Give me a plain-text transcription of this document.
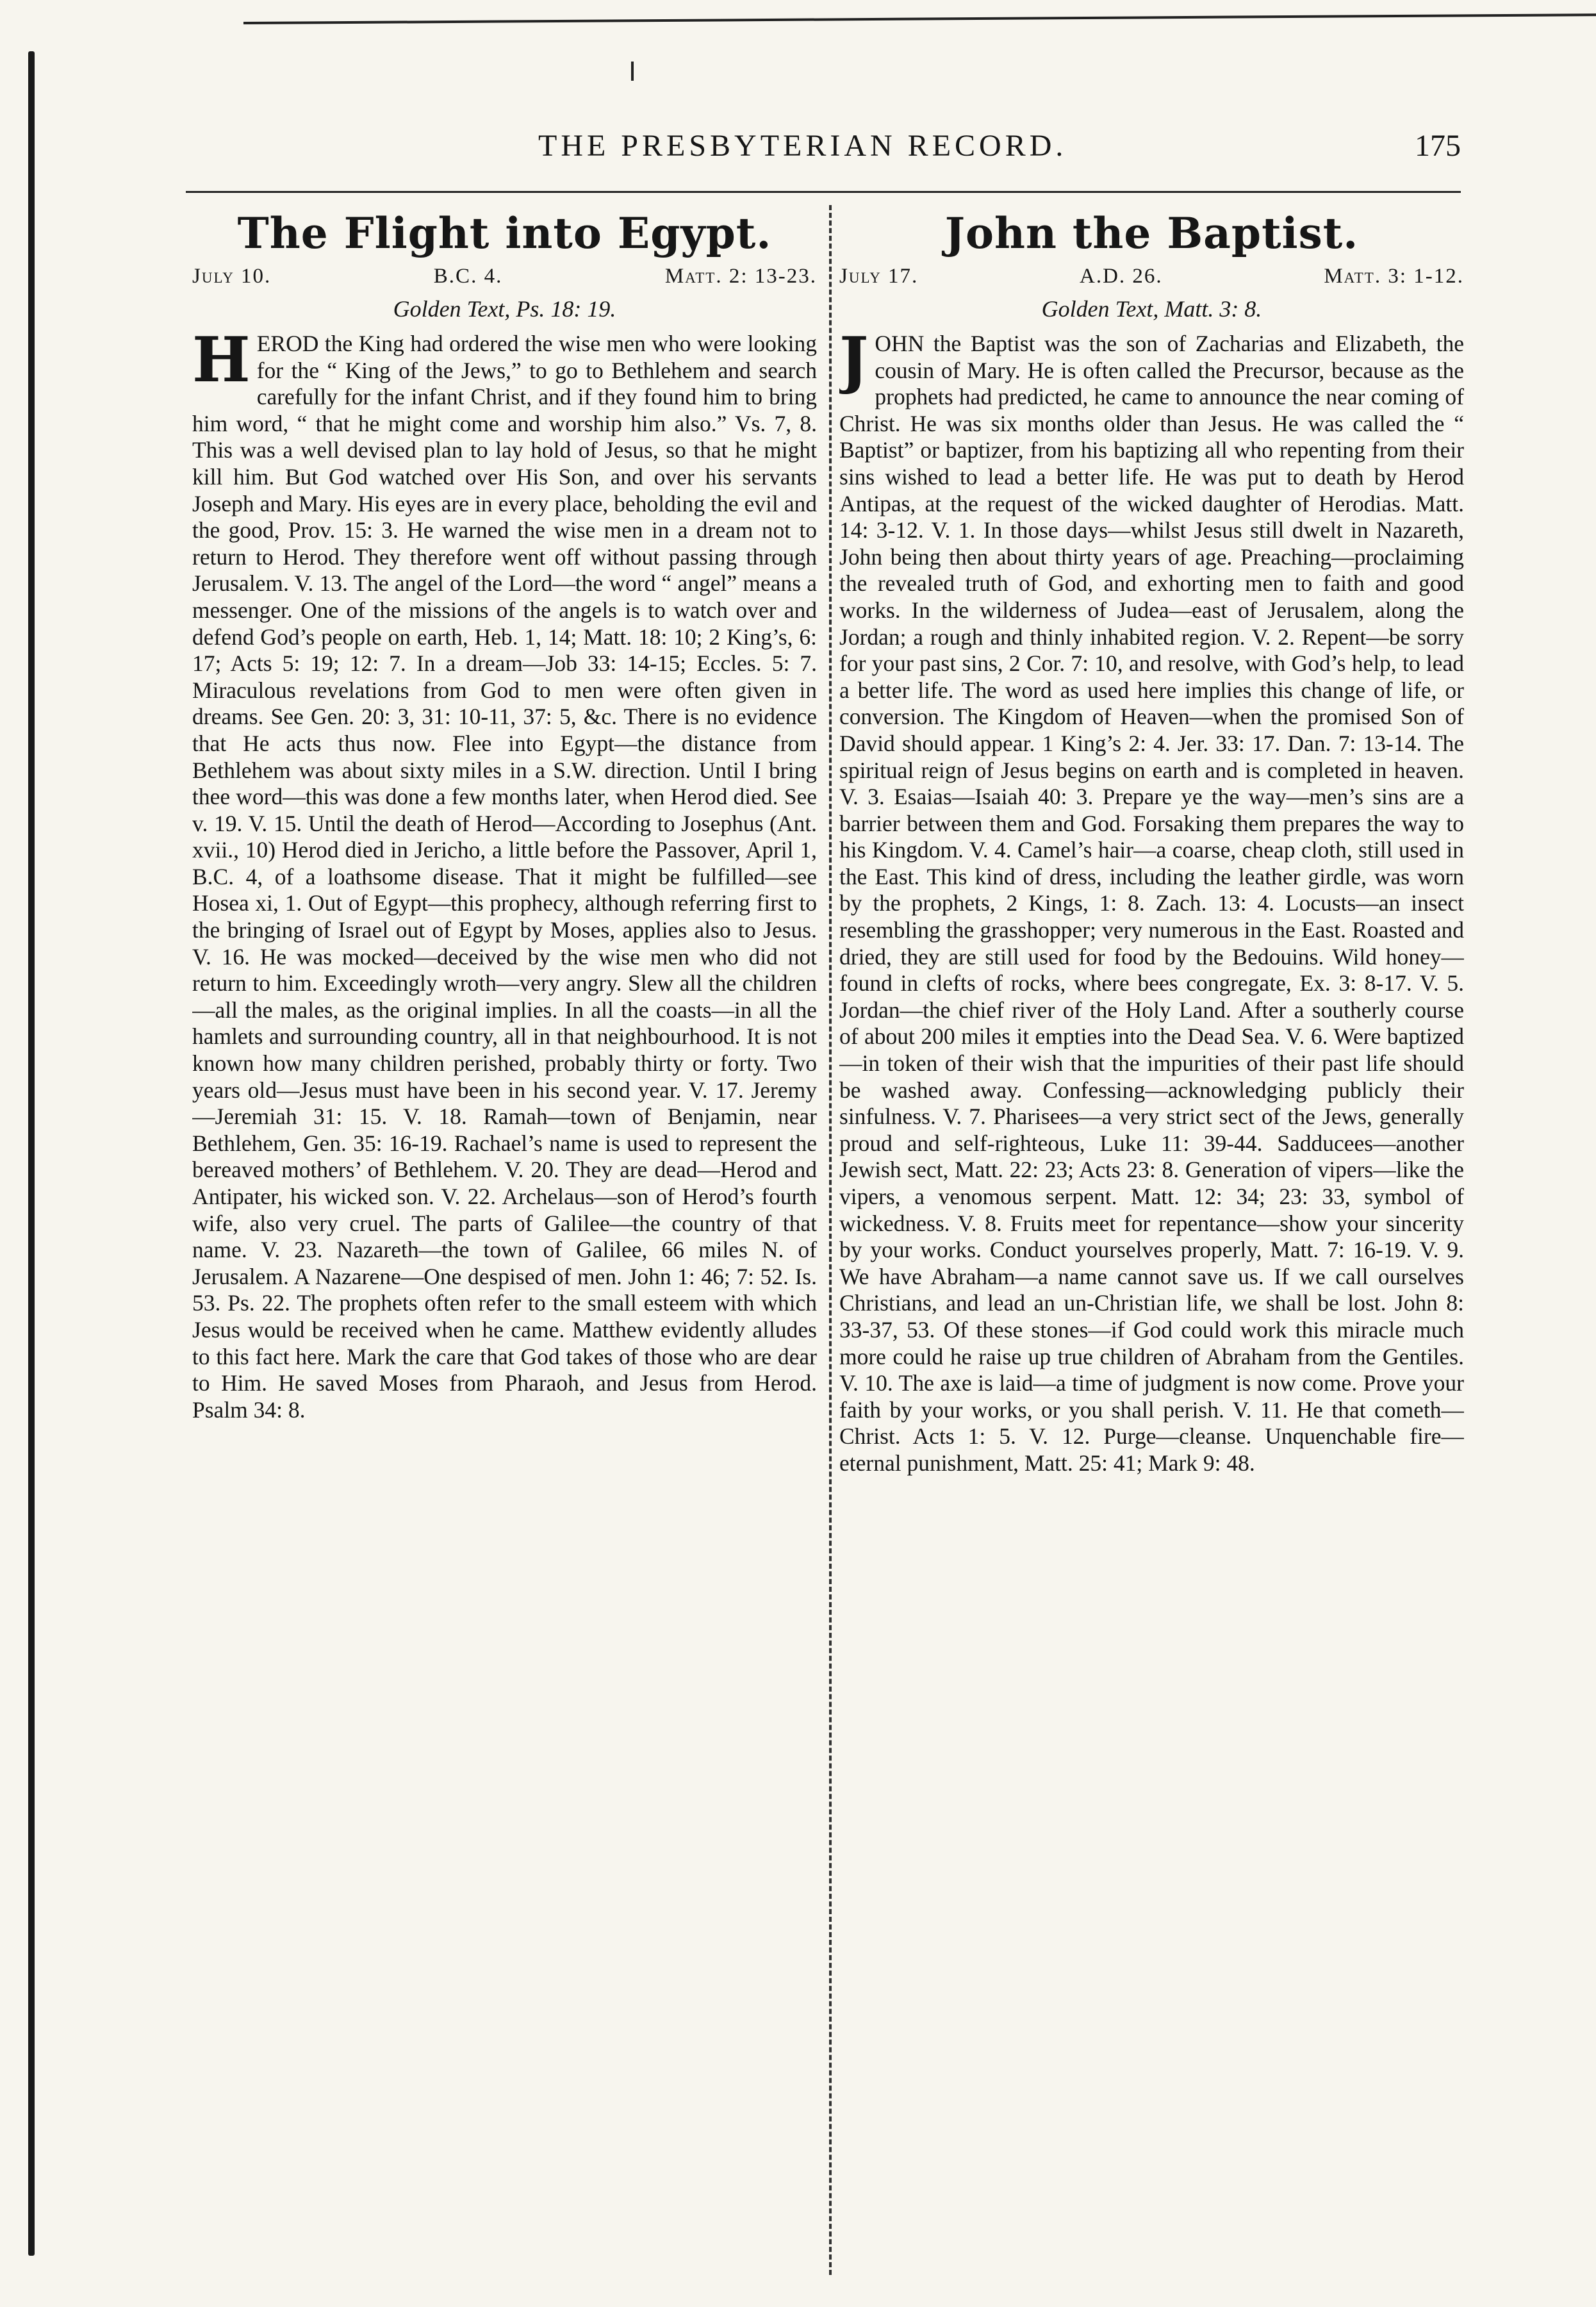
THE PRESBYTERIAN RECORD.	175
The Flight into Egypt.
July 10.	B.C. 4.	Matt. 2: 13-23.
Golden Text, Ps. 18: 19.
HEROD the King had ordered the wise men who were looking for the “ King of the Jews,” to go to Bethlehem and search carefully for the infant Christ, and if they found him to bring him word, “ that he might come and worship him also.” Vs. 7, 8. This was a well devised plan to lay hold of Jesus, so that he might kill him. But God watched over His Son, and over his servants Joseph and Mary. His eyes are in every place, beholding the evil and the good, Prov. 15: 3. He warned the wise men in a dream not to return to Herod. They therefore went off without passing through Jerusalem. V. 13. The angel of the Lord—the word “ angel” means a messenger. One of the missions of the angels is to watch over and defend God’s people on earth, Heb. 1, 14; Matt. 18: 10; 2 King’s, 6: 17; Acts 5: 19; 12: 7. In a dream—Job 33: 14-15; Eccles. 5: 7. Miraculous revelations from God to men were often given in dreams. See Gen. 20: 3, 31: 10-11, 37: 5, &c. There is no evidence that He acts thus now. Flee into Egypt—the distance from Bethlehem was about sixty miles in a S.W. direction. Until I bring thee word—this was done a few months later, when Herod died. See v. 19. V. 15. Until the death of Herod—According to Josephus (Ant. xvii., 10) Herod died in Jericho, a little before the Passover, April 1, B.C. 4, of a loathsome disease. That it might be fulfilled—see Hosea xi, 1. Out of Egypt—this prophecy, although referring first to the bringing of Israel out of Egypt by Moses, applies also to Jesus. V. 16. He was mocked—deceived by the wise men who did not return to him. Exceedingly wroth—very angry. Slew all the children—all the males, as the original implies. In all the coasts—in all the hamlets and surrounding country, all in that neighbourhood. It is not known how many children perished, probably thirty or forty. Two years old—Jesus must have been in his second year. V. 17. Jeremy—Jeremiah 31: 15. V. 18. Ramah—town of Benjamin, near Bethlehem, Gen. 35: 16-19. Rachael’s name is used to represent the bereaved mothers’ of Bethlehem. V. 20. They are dead—Herod and Antipater, his wicked son. V. 22. Archelaus—son of Herod’s fourth wife, also very cruel. The parts of Galilee—the country of that name. V. 23. Nazareth—the town of Galilee, 66 miles N. of Jerusalem. A Nazarene—One despised of men. John 1: 46; 7: 52. Is. 53. Ps. 22. The prophets often refer to the small esteem with which Jesus would be received when he came. Matthew evidently alludes to this fact here. Mark the care that God takes of those who are dear to Him. He saved Moses from Pharaoh, and Jesus from Herod. Psalm 34: 8.
John the Baptist.
July 17.	A.D. 26.	Matt. 3: 1-12.
Golden Text, Matt. 3: 8.
JOHN the Baptist was the son of Zacharias and Elizabeth, the cousin of Mary. He is often called the Precursor, because as the prophets had predicted, he came to announce the near coming of Christ. He was six months older than Jesus. He was called the “ Baptist” or baptizer, from his baptizing all who repenting from their sins wished to lead a better life. He was put to death by Herod Antipas, at the request of the wicked daughter of Herodias. Matt. 14: 3-12. V. 1. In those days—whilst Jesus still dwelt in Nazareth, John being then about thirty years of age. Preaching—proclaiming the revealed truth of God, and exhorting men to faith and good works. In the wilderness of Judea—east of Jerusalem, along the Jordan; a rough and thinly inhabited region. V. 2. Repent—be sorry for your past sins, 2 Cor. 7: 10, and resolve, with God’s help, to lead a better life. The word as used here implies this change of life, or conversion. The Kingdom of Heaven—when the promised Son of David should appear. 1 King’s 2: 4. Jer. 33: 17. Dan. 7: 13-14. The spiritual reign of Jesus begins on earth and is completed in heaven. V. 3. Esaias—Isaiah 40: 3. Prepare ye the way—men’s sins are a barrier between them and God. Forsaking them prepares the way to his Kingdom. V. 4. Camel’s hair—a coarse, cheap cloth, still used in the East. This kind of dress, including the leather girdle, was worn by the prophets, 2 Kings, 1: 8. Zach. 13: 4. Locusts—an insect resembling the grasshopper; very numerous in the East. Roasted and dried, they are still used for food by the Bedouins. Wild honey—found in clefts of rocks, where bees congregate, Ex. 3: 8-17. V. 5. Jordan—the chief river of the Holy Land. After a southerly course of about 200 miles it empties into the Dead Sea. V. 6. Were baptized—in token of their wish that the impurities of their past life should be washed away. Confessing—acknowledging publicly their sinfulness. V. 7. Pharisees—a very strict sect of the Jews, generally proud and self-righteous, Luke 11: 39-44. Sadducees—another Jewish sect, Matt. 22: 23; Acts 23: 8. Generation of vipers—like the vipers, a venomous serpent. Matt. 12: 34; 23: 33, symbol of wickedness. V. 8. Fruits meet for repentance—show your sincerity by your works. Conduct yourselves properly, Matt. 7: 16-19. V. 9. We have Abraham—a name cannot save us. If we call ourselves Christians, and lead an un-Christian life, we shall be lost. John 8: 33-37, 53. Of these stones—if God could work this miracle much more could he raise up true children of Abraham from the Gentiles. V. 10. The axe is laid—a time of judgment is now come. Prove your faith by your works, or you shall perish. V. 11. He that cometh—Christ. Acts 1: 5. V. 12. Purge—cleanse. Unquenchable fire—eternal punishment, Matt. 25: 41; Mark 9: 48.
